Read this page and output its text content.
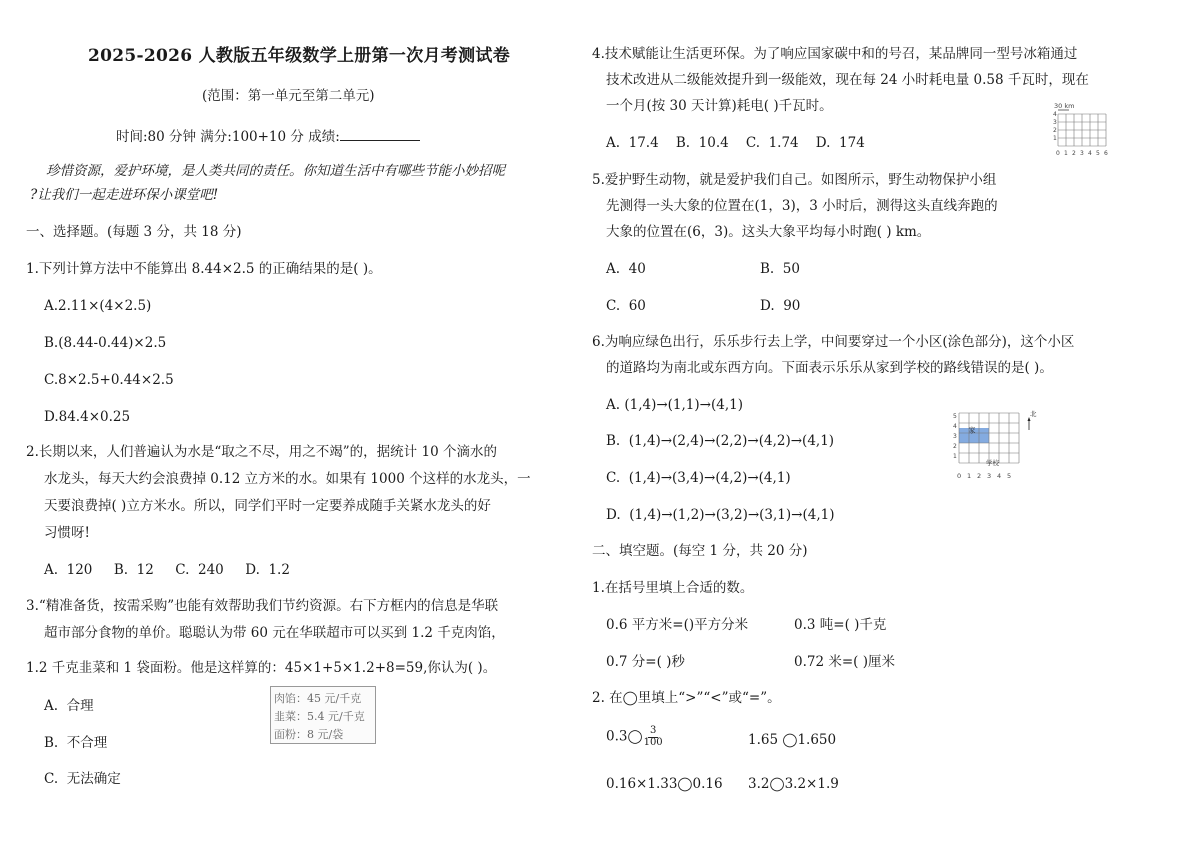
2025-2026 人教版五年级数学上册第一次月考测试卷
(范围：第一单元至第二单元)
时间:80 分钟 满分:100+10 分 成绩:
珍惜资源，爱护环境，是人类共同的责任。你知道生活中有哪些节能小妙招呢
?让我们一起走进环保小课堂吧!
一、选择题。(每题 3 分，共 18 分)
1.下列计算方法中不能算出 8.44×2.5 的正确结果的是( )。
A.2.11×(4×2.5)
B.(8.44-0.44)×2.5
C.8×2.5+0.44×2.5
D.84.4×0.25
2.长期以来，人们普遍认为水是“取之不尽，用之不竭”的，据统计 10 个滴水的
水龙头，每天大约会浪费掉 0.12 立方米的水。如果有 1000 个这样的水龙头，一
天要浪费掉( )立方米水。所以，同学们平时一定要养成随手关紧水龙头的好
习惯呀!
A.  120     B.  12     C.  240     D.  1.2
3.“精准备货，按需采购”也能有效帮助我们节约资源。右下方框内的信息是华联
超市部分食物的单价。聪聪认为带 60 元在华联超市可以买到 1.2 千克肉馅，
1.2 千克韭菜和 1 袋面粉。他是这样算的：45×1+5×1.2+8=59,你认为( )。
A.  合理
B.  不合理
C.  无法确定
肉馅：45 元/千克
韭菜：5.4 元/千克
面粉：8 元/袋
4.技术赋能让生活更环保。为了响应国家碳中和的号召，某品牌同一型号冰箱通过
技术改进从二级能效提升到一级能效，现在每 24 小时耗电量 0.58 千瓦时，现在
一个月(按 30 天计算)耗电( )千瓦时。
A.  17.4    B.  10.4    C.  1.74    D.  174
30 km
4
3
2
1
0 1 2 3 4 5 6
5.爱护野生动物，就是爱护我们自己。如图所示，野生动物保护小组
先测得一头大象的位置在(1，3)，3 小时后，测得这头直线奔跑的
大象的位置在(6，3)。这头大象平均每小时跑( ) km。
A.  40	B.  50
C.  60	D.  90
6.为响应绿色出行，乐乐步行去上学，中间要穿过一个小区(涂色部分)，这个小区
的道路均为南北或东西方向。下面表示乐乐从家到学校的路线错误的是( )。
A. (1,4)→(1,1)→(4,1)
B.  (1,4)→(2,4)→(2,2)→(4,2)→(4,1)
C.  (1,4)→(3,4)→(4,2)→(4,1)
D.  (1,4)→(1,2)→(3,2)→(3,1)→(4,1)
家
学校
北
5
4
3
2
1
0 1 2 3 4 5
二、填空题。(每空 1 分，共 20 分)
1.在括号里填上合适的数。
0.6 平方米=()平方分米	0.3 吨=( )千克
0.7 分=( )秒	0.72 米=( )厘米
2. 在◯里填上“>”“<”或“=”。
0.3◯ $\frac{3}{100}$	1.65 ◯1.650
0.16×1.33◯0.16 3.2◯3.2×1.9
